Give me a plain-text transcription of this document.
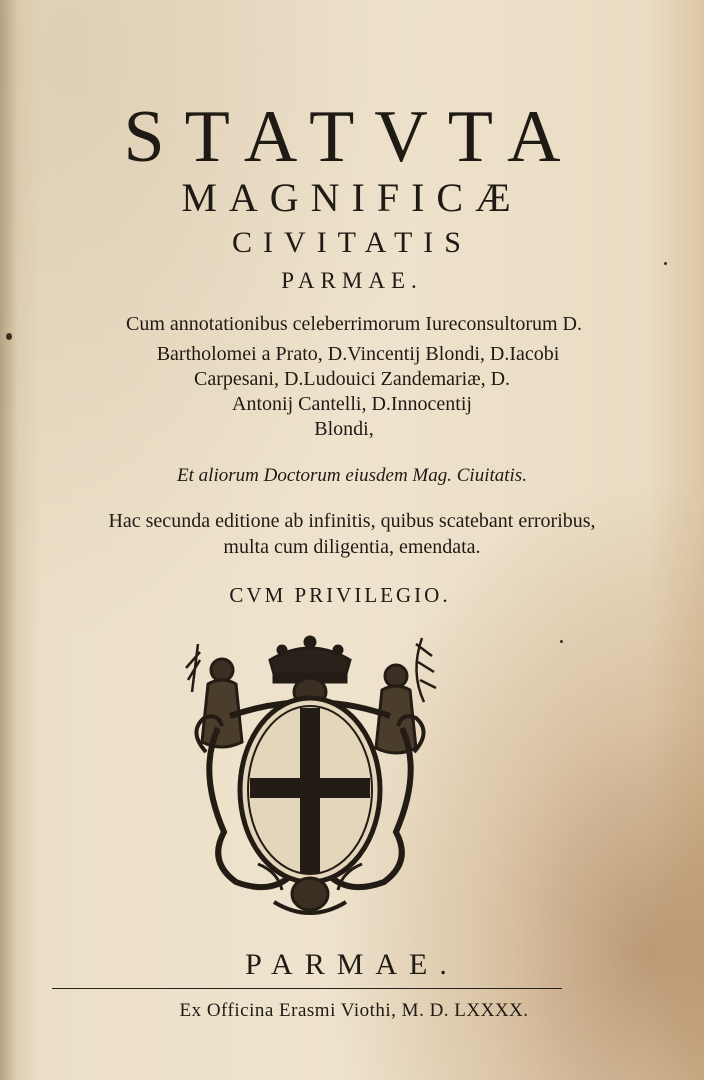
STATVTA
MAGNIFICÆ
CIVITATIS
PARMAE.
Cum annotationibus celeberrimorum Iureconsultorum D.
Bartholomei a Prato, D.Vincentij Blondi, D.Iacobi
Carpesani, D.Ludouici Zandemariæ, D.
Antonij Cantelli, D.Innocentij
Blondi,
Et aliorum Doctorum eiusdem Mag. Ciuitatis.
Hac secunda editione ab infinitis, quibus scatebant erroribus,
multa cum diligentia, emendata.
CVM PRIVILEGIO.
PARMAE.
Ex Officina Erasmi Viothi, M. D. LXXXX.
